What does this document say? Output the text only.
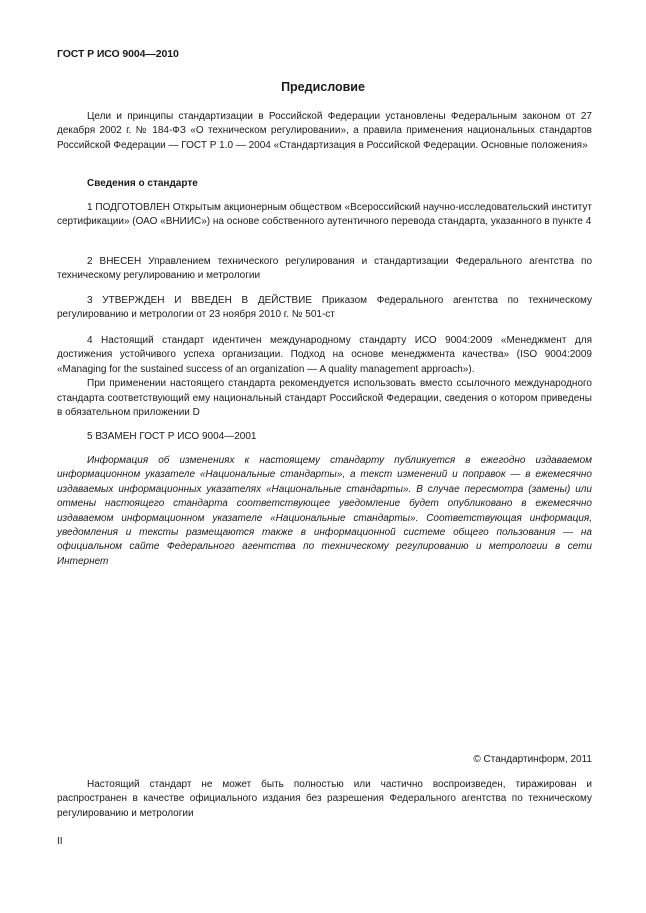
ГОСТ Р ИСО 9004—2010
Предисловие

Цели и принципы стандартизации в Российской Федерации установлены Федеральным законом от 27 декабря 2002 г. № 184-ФЗ «О техническом регулировании», а правила применения национальных стандартов Российской Федерации — ГОСТ Р 1.0 — 2004 «Стандартизация в Российской Федерации. Основные положения»

Сведения о стандарте

1 ПОДГОТОВЛЕН Открытым акционерным обществом «Всероссийский научно-исследовательский институт сертификации» (ОАО «ВНИИС») на основе собственного аутентичного перевода стандарта, указанного в пункте 4

2 ВНЕСЕН Управлением технического регулирования и стандартизации Федерального агентства по техническому регулированию и метрологии

3 УТВЕРЖДЕН И ВВЕДЕН В ДЕЙСТВИЕ Приказом Федерального агентства по техническому регулированию и метрологии от 23 ноября 2010 г. № 501-ст

4 Настоящий стандарт идентичен международному стандарту ИСО 9004:2009 «Менеджмент для достижения устойчивого успеха организации. Подход на основе менеджмента качества» (ISO 9004:2009 «Managing for the sustained success of an organization — A quality management approach»).

При применении настоящего стандарта рекомендуется использовать вместо ссылочного международного стандарта соответствующий ему национальный стандарт Российской Федерации, сведения о котором приведены в обязательном приложении D

5 ВЗАМЕН ГОСТ Р ИСО 9004—2001

Информация об изменениях к настоящему стандарту публикуется в ежегодно издаваемом информационном указателе «Национальные стандарты», а текст изменений и поправок — в ежемесячно издаваемых информационных указателях «Национальные стандарты». В случае пересмотра (замены) или отмены настоящего стандарта соответствующее уведомление будет опубликовано в ежемесячно издаваемом информационном указателе «Национальные стандарты». Соответствующая информация, уведомления и тексты размещаются также в информационной системе общего пользования — на официальном сайте Федерального агентства по техническому регулированию и метрологии в сети Интернет

© Стандартинформ, 2011

Настоящий стандарт не может быть полностью или частично воспроизведен, тиражирован и распространен в качестве официального издания без разрешения Федерального агентства по техническому регулированию и метрологии

II
